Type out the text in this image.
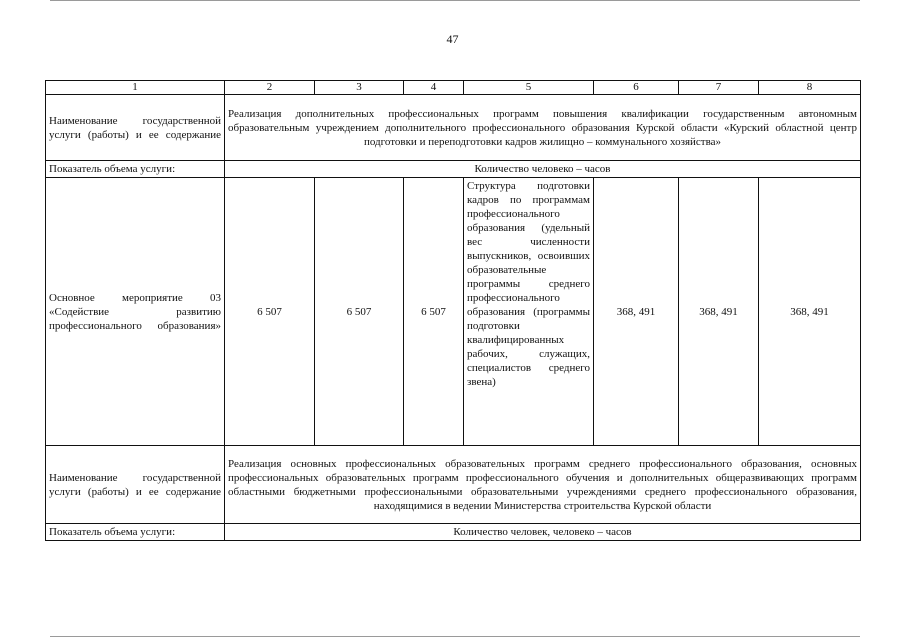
47
1	2	3	4	5	6	7	8
Наименование государственной услуги (работы) и ее содержание	Реализация дополнительных профессиональных программ повышения квалификации государственным автономным образовательным учреждением дополнительного профессионального образования Курской области «Курский областной центр подготовки и переподготовки кадров жилищно – коммунального хозяйства»						
Показатель объема услуги:	Количество человеко – часов						
Основное мероприятие 03 «Содействие развитию профессионального образования»	6 507	6 507	6 507	Структура подготовки кадров по программам профессионального образования (удельный вес численности выпускников, освоивших образовательные программы среднего профессионального образования (программы подготовки квалифицированных рабочих, служащих, специалистов среднего звена)	368, 491	368, 491	368, 491
Наименование государственной услуги (работы) и ее содержание	Реализация основных профессиональных образовательных программ среднего профессионального образования, основных профессиональных образовательных программ профессионального обучения и дополнительных общеразвивающих программ областными бюджетными профессиональными образовательными учреждениями среднего профессионального образования, находящимися в ведении Министерства строительства Курской области						
Показатель объема услуги:	Количество человек, человеко – часов						
